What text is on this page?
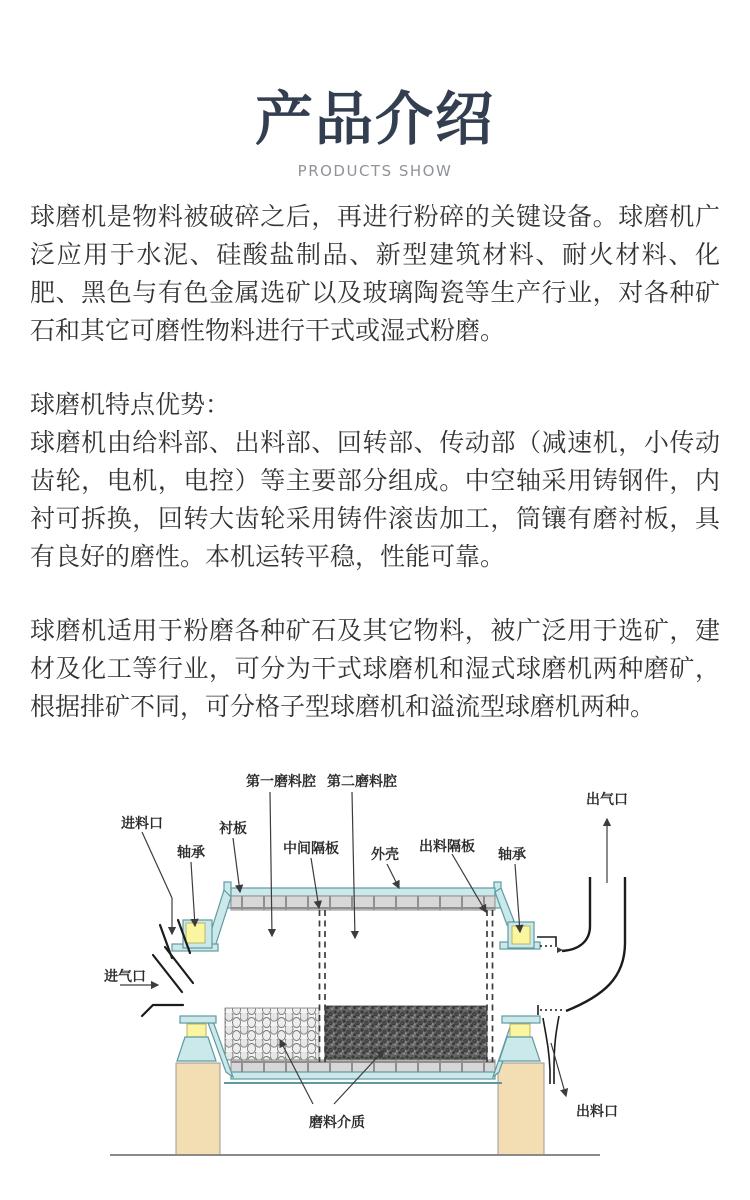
产品介绍
PRODUCTS SHOW

球磨机是物料被破碎之后，再进行粉碎的关键设备。球磨机广泛应用于水泥、硅酸盐制品、新型建筑材料、耐火材料、化肥、黑色与有色金属选矿以及玻璃陶瓷等生产行业，对各种矿石和其它可磨性物料进行干式或湿式粉磨。

球磨机特点优势：
球磨机由给料部、出料部、回转部、传动部（减速机，小传动齿轮，电机，电控）等主要部分组成。中空轴采用铸钢件，内衬可拆换，回转大齿轮采用铸件滚齿加工，筒镶有磨衬板，具有良好的磨性。本机运转平稳，性能可靠。

球磨机适用于粉磨各种矿石及其它物料，被广泛用于选矿，建材及化工等行业，可分为干式球磨机和湿式球磨机两种磨矿，根据排矿不同，可分格子型球磨机和溢流型球磨机两种。

第一磨料腔 第二磨料腔
出气口
进料口	衬板
轴承	中间隔板 外壳 出料隔板 轴承
进气口
磨料介质
出料口
